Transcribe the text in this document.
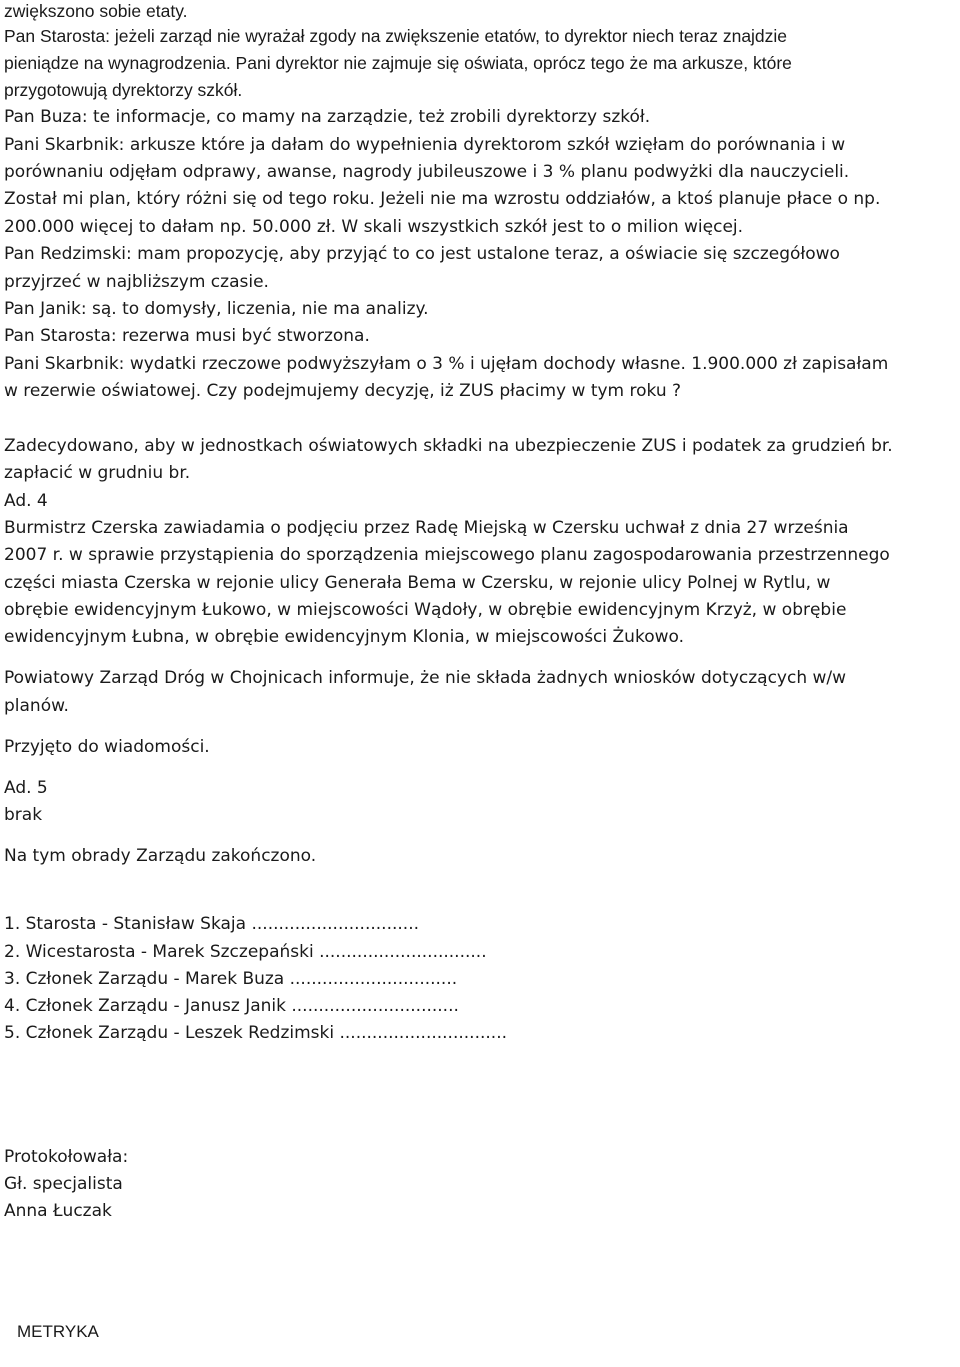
zwiększono sobie etaty.
Pan Starosta: jeżeli zarząd nie wyrażał zgody na zwiększenie etatów, to dyrektor niech teraz znajdzie
pieniądze na wynagrodzenia. Pani dyrektor nie zajmuje się oświata, oprócz tego że ma arkusze, które
przygotowują dyrektorzy szkół.
Pan Buza: te informacje, co mamy na zarządzie, też zrobili dyrektorzy szkół.
Pani Skarbnik: arkusze które ja dałam do wypełnienia dyrektorom szkół wzięłam do porównania i w
porównaniu odjęłam odprawy, awanse, nagrody jubileuszowe i 3 % planu podwyżki dla nauczycieli.
Został mi plan, który różni się od tego roku. Jeżeli nie ma wzrostu oddziałów, a ktoś planuje płace o np.
200.000 więcej to dałam np. 50.000 zł. W skali wszystkich szkół jest to o milion więcej.
Pan Redzimski: mam propozycję, aby przyjąć to co jest ustalone teraz, a oświacie się szczegółowo
przyjrzeć w najbliższym czasie.
Pan Janik: są. to domysły, liczenia, nie ma analizy.
Pan Starosta: rezerwa musi być stworzona.
Pani Skarbnik: wydatki rzeczowe podwyższyłam o 3 % i ujęłam dochody własne. 1.900.000 zł zapisałam
w rezerwie oświatowej. Czy podejmujemy decyzję, iż ZUS płacimy w tym roku ?
Zadecydowano, aby w jednostkach oświatowych składki na ubezpieczenie ZUS i podatek za grudzień br.
zapłacić w grudniu br.
Ad. 4
Burmistrz Czerska zawiadamia o podjęciu przez Radę Miejską w Czersku uchwał z dnia 27 września
2007 r. w sprawie przystąpienia do sporządzenia miejscowego planu zagospodarowania przestrzennego
części miasta Czerska w rejonie ulicy Generała Bema w Czersku, w rejonie ulicy Polnej w Rytlu, w
obrębie ewidencyjnym Łukowo, w miejscowości Wądoły, w obrębie ewidencyjnym Krzyż, w obrębie
ewidencyjnym Łubna, w obrębie ewidencyjnym Klonia, w miejscowości Żukowo.
Powiatowy Zarząd Dróg w Chojnicach informuje, że nie składa żadnych wniosków dotyczących w/w
planów.
Przyjęto do wiadomości.
Ad. 5
brak
Na tym obrady Zarządu zakończono.
1. Starosta - Stanisław Skaja ...............................
2. Wicestarosta - Marek Szczepański ...............................
3. Członek Zarządu - Marek Buza ...............................
4. Członek Zarządu - Janusz Janik ...............................
5. Członek Zarządu - Leszek Redzimski ...............................
Protokołowała:
Gł. specjalista
Anna Łuczak
METRYKA
